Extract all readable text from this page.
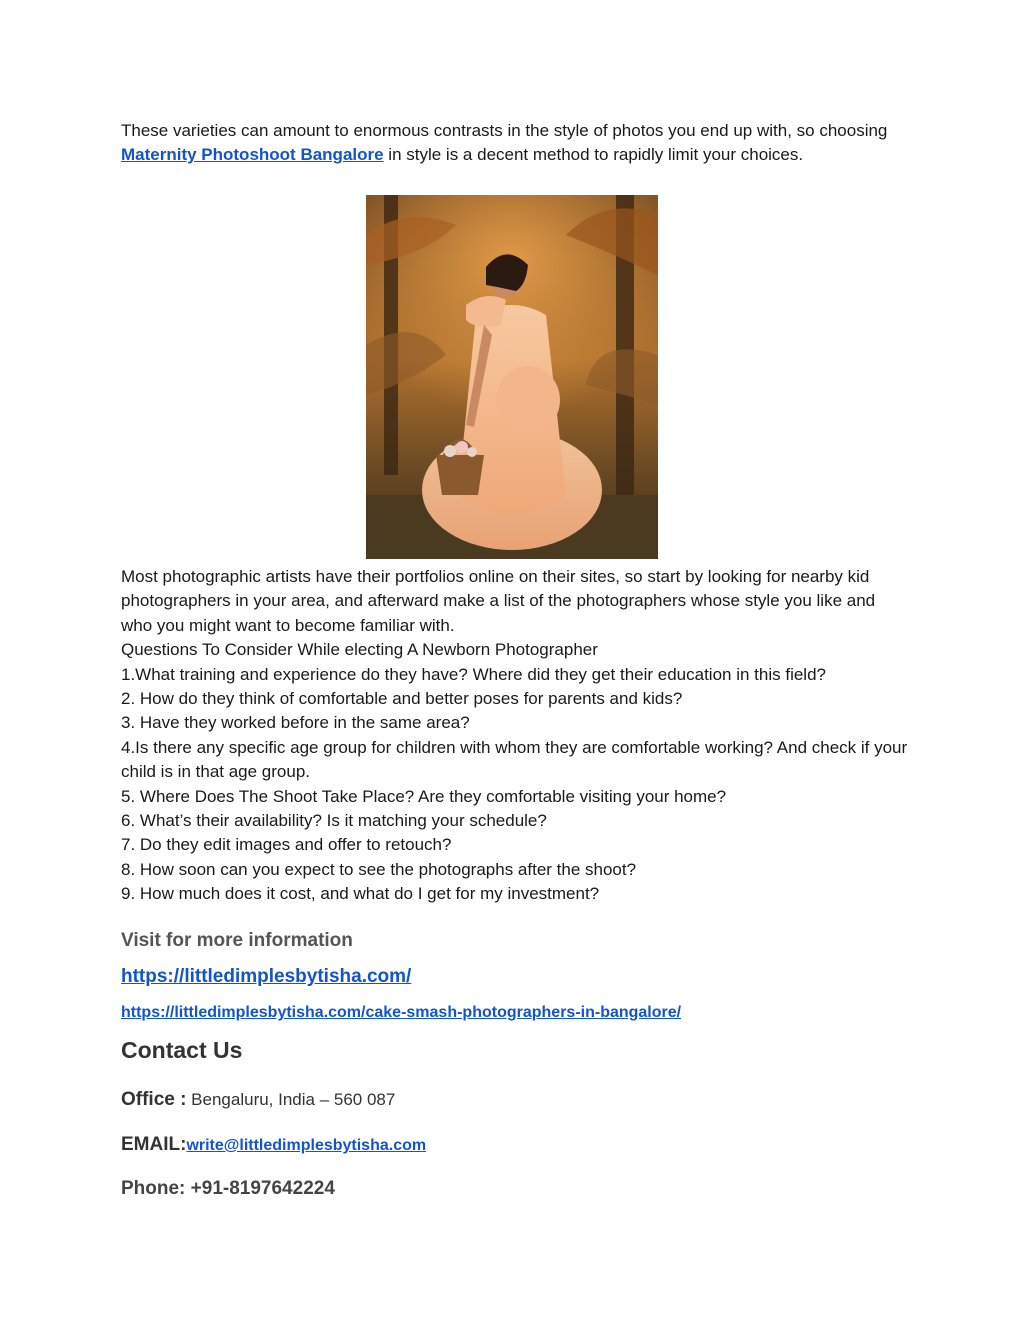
These varieties can amount to enormous contrasts in the style of photos you end up with, so choosing Maternity Photoshoot Bangalore in style is a decent method to rapidly limit your choices.

Most photographic artists have their portfolios online on their sites, so start by looking for nearby kid photographers in your area, and afterward make a list of the photographers whose style you like and who you might want to become familiar with.

Questions To Consider While electing A Newborn Photographer

1.What training and experience do they have? Where did they get their education in this field?

2. How do they think of comfortable and better poses for parents and kids?

3. Have they worked before in the same area?

4.Is there any specific age group for children with whom they are comfortable working? And check if your child is in that age group.

5. Where Does The Shoot Take Place? Are they comfortable visiting your home?

6. What’s their availability? Is it matching your schedule?

7. Do they edit images and offer to retouch?

8. How soon can you expect to see the photographs after the shoot?

9. How much does it cost, and what do I get for my investment?

Visit for more information

https://littledimplesbytisha.com/
https://littledimplesbytisha.com/cake-smash-photographers-in-bangalore/

Contact Us

Office : Bengaluru, India – 560 087

EMAIL:write@littledimplesbytisha.com

Phone: +91-8197642224
